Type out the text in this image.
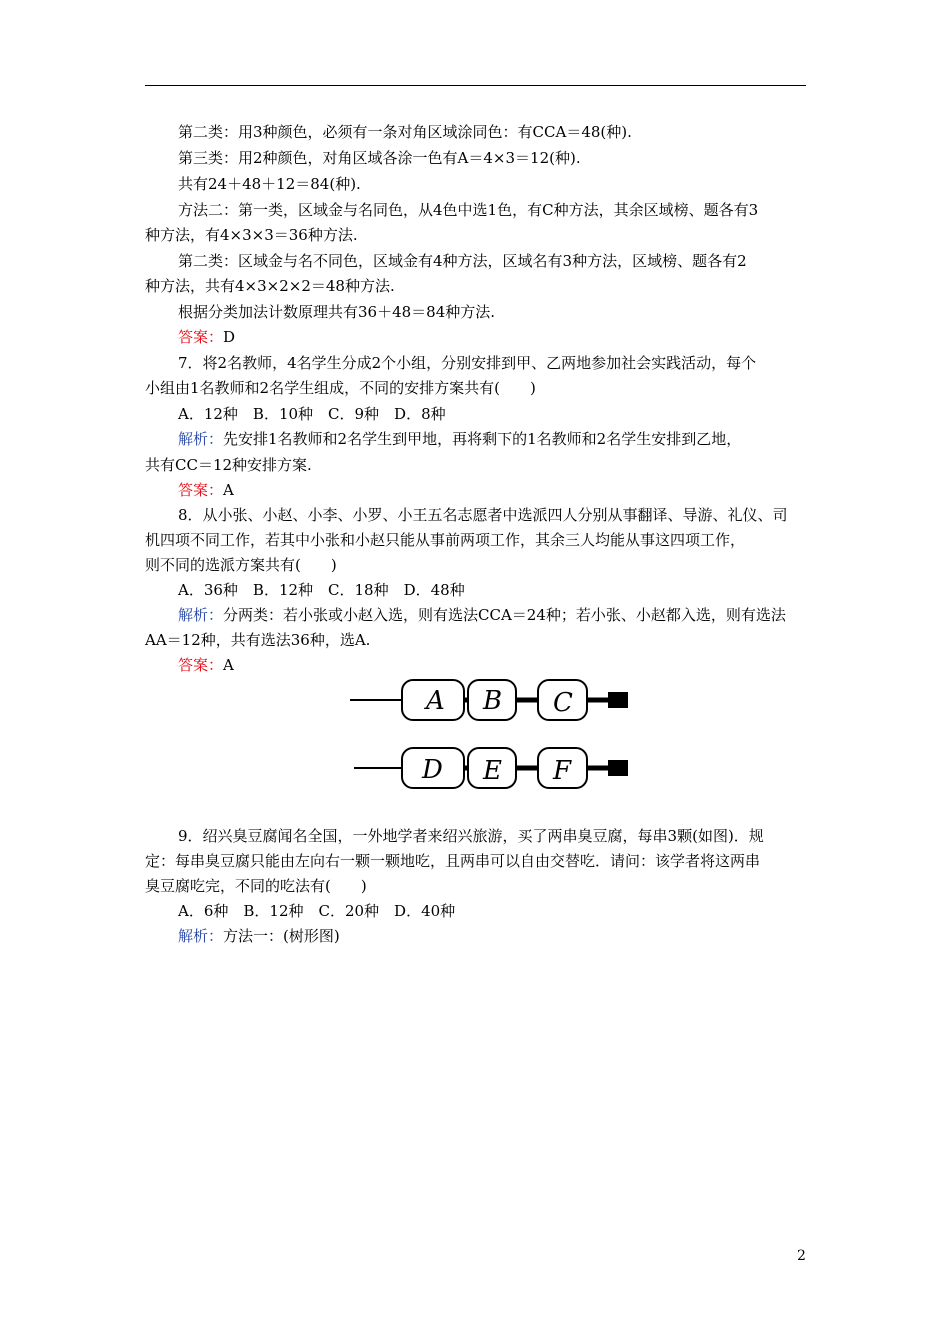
第二类：用3种颜色，必须有一条对角区域涂同色：有CCA＝48(种).
第三类：用2种颜色，对角区域各涂一色有A＝4×3＝12(种).
共有24＋48＋12＝84(种).
方法二：第一类，区域金与名同色，从4色中选1色，有C种方法，其余区域榜、题各有3
种方法，有4×3×3＝36种方法.
第二类：区域金与名不同色，区域金有4种方法，区域名有3种方法，区域榜、题各有2
种方法，共有4×3×2×2＝48种方法.
根据分类加法计数原理共有36＋48＝84种方法.
答案：D
7．将2名教师，4名学生分成2个小组，分别安排到甲、乙两地参加社会实践活动，每个
小组由1名教师和2名学生组成，不同的安排方案共有(　　)
A．12种　B．10种　C．9种　D．8种
解析：先安排1名教师和2名学生到甲地，再将剩下的1名教师和2名学生安排到乙地，
共有CC＝12种安排方案.
答案：A
8．从小张、小赵、小李、小罗、小王五名志愿者中选派四人分别从事翻译、导游、礼仪、司
机四项不同工作，若其中小张和小赵只能从事前两项工作，其余三人均能从事这四项工作，
则不同的选派方案共有(　　)
A．36种　B．12种　C．18种　D．48种
解析：分两类：若小张或小赵入选，则有选法CCA＝24种；若小张、小赵都入选，则有选法
AA＝12种，共有选法36种，选A.
答案：A
A B C
D E F
9．绍兴臭豆腐闻名全国，一外地学者来绍兴旅游，买了两串臭豆腐，每串3颗(如图)．规
定：每串臭豆腐只能由左向右一颗一颗地吃，且两串可以自由交替吃．请问：该学者将这两串
臭豆腐吃完，不同的吃法有(　　)
A．6种　B．12种　C．20种　D．40种
解析：方法一：(树形图)
2
